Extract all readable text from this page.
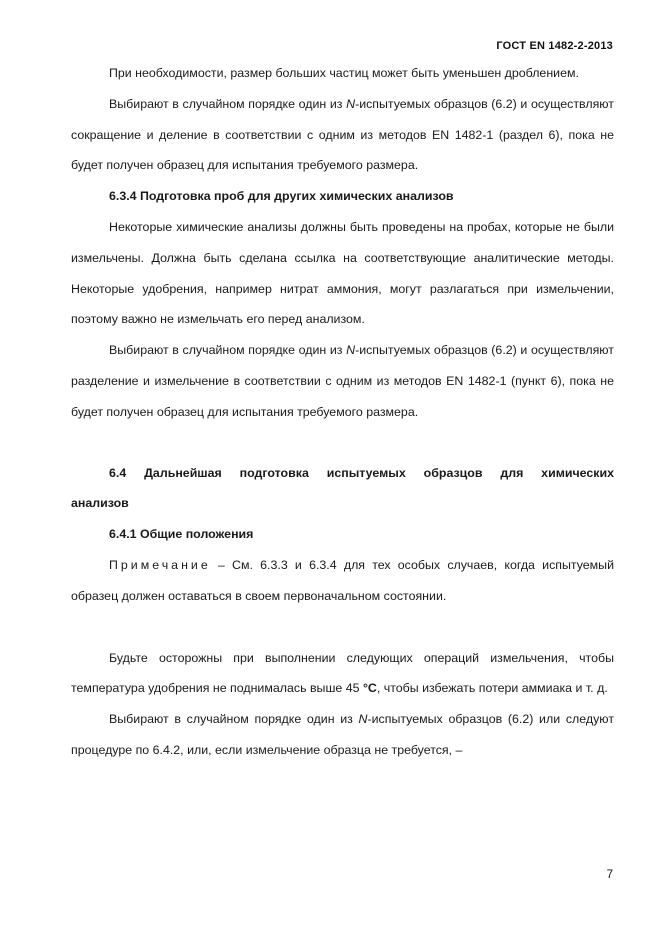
ГОСТ EN 1482-2-2013

При необходимости, размер больших частиц может быть уменьшен дроблением.

Выбирают в случайном порядке один из N-испытуемых образцов (6.2) и осуществляют сокращение и деление в соответствии с одним из методов EN 1482-1 (раздел 6), пока не будет получен образец для испытания требуемого размера.

6.3.4 Подготовка проб для других химических анализов

Некоторые химические анализы должны быть проведены на пробах, которые не были измельчены. Должна быть сделана ссылка на соответствующие аналитические методы. Некоторые удобрения, например нитрат аммония, могут разлагаться при измельчении, поэтому важно не измельчать его перед анализом.

Выбирают в случайном порядке один из N-испытуемых образцов (6.2) и осуществляют разделение и измельчение в соответствии с одним из методов EN 1482-1 (пункт 6), пока не будет получен образец для испытания требуемого размера.

6.4 Дальнейшая подготовка испытуемых образцов для химических анализов

6.4.1 Общие положения

Примечание – См. 6.3.3 и 6.3.4 для тех особых случаев, когда испытуемый образец должен оставаться в своем первоначальном состоянии.

Будьте осторожны при выполнении следующих операций измельчения, чтобы температура удобрения не поднималась выше 45 °C, чтобы избежать потери аммиака и т. д.

Выбирают в случайном порядке один из N-испытуемых образцов (6.2) или следуют процедуре по 6.4.2, или, если измельчение образца не требуется, –

7
